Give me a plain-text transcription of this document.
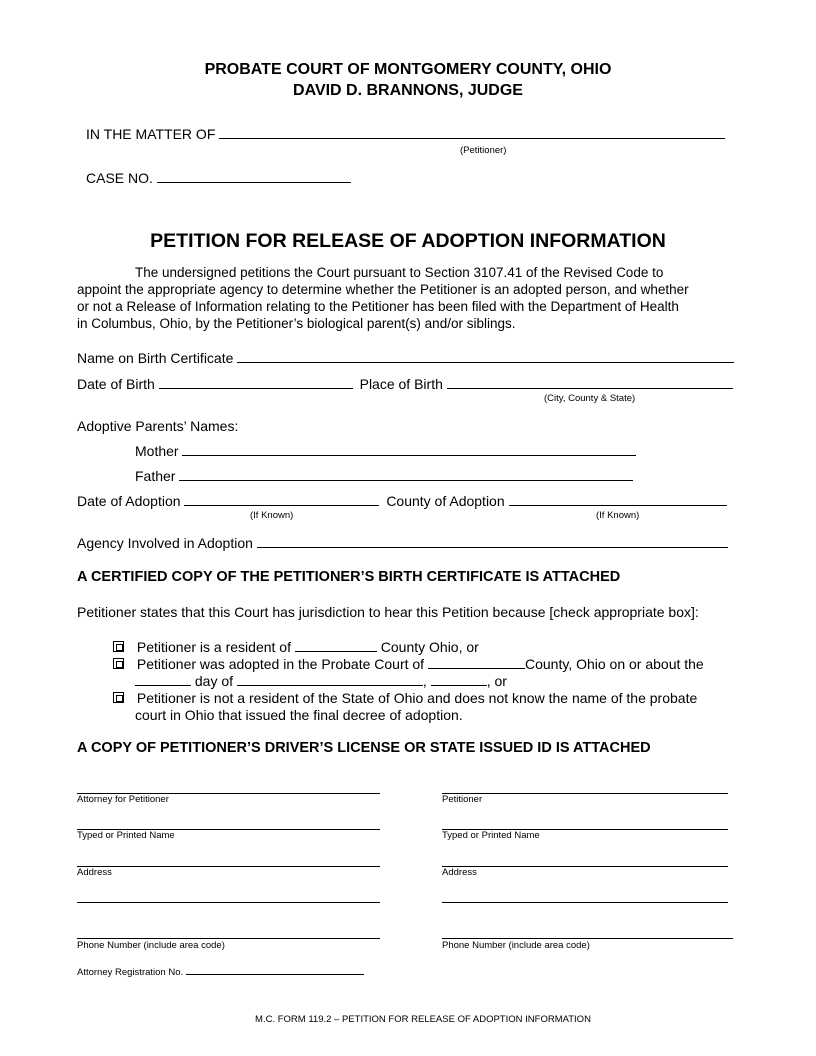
PROBATE COURT OF MONTGOMERY COUNTY, OHIO
DAVID D. BRANNONS, JUDGE
IN THE MATTER OF
(Petitioner)
CASE NO.
PETITION FOR RELEASE OF ADOPTION INFORMATION
The undersigned petitions the Court pursuant to Section 3107.41 of the Revised Code to
appoint the appropriate agency to determine whether the Petitioner is an adopted person, and whether
or not a Release of Information relating to the Petitioner has been filed with the Department of Health
in Columbus, Ohio, by the Petitioner’s biological parent(s) and/or siblings.
Name on Birth Certificate
Date of Birth	Place of Birth
(City, County & State)
Adoptive Parents’ Names:
Mother
Father
Date of Adoption	County of Adoption
(If Known)	(If Known)
Agency Involved in Adoption
A CERTIFIED COPY OF THE PETITIONER’S BIRTH CERTIFICATE IS ATTACHED
Petitioner states that this Court has jurisdiction to hear this Petition because [check appropriate box]:
Petitioner is a resident of	County Ohio, or
Petitioner was adopted in the Probate Court of	County, Ohio on or about the
day of	,	, or
Petitioner is not a resident of the State of Ohio and does not know the name of the probate
court in Ohio that issued the final decree of adoption.
A COPY OF PETITIONER’S DRIVER’S LICENSE OR STATE ISSUED ID IS ATTACHED
Attorney for Petitioner	Petitioner
Typed or Printed Name	Typed or Printed Name
Address	Address
Phone Number (include area code)	Phone Number (include area code)
Attorney Registration No.
M.C. FORM 119.2 – PETITION FOR RELEASE OF ADOPTION INFORMATION
